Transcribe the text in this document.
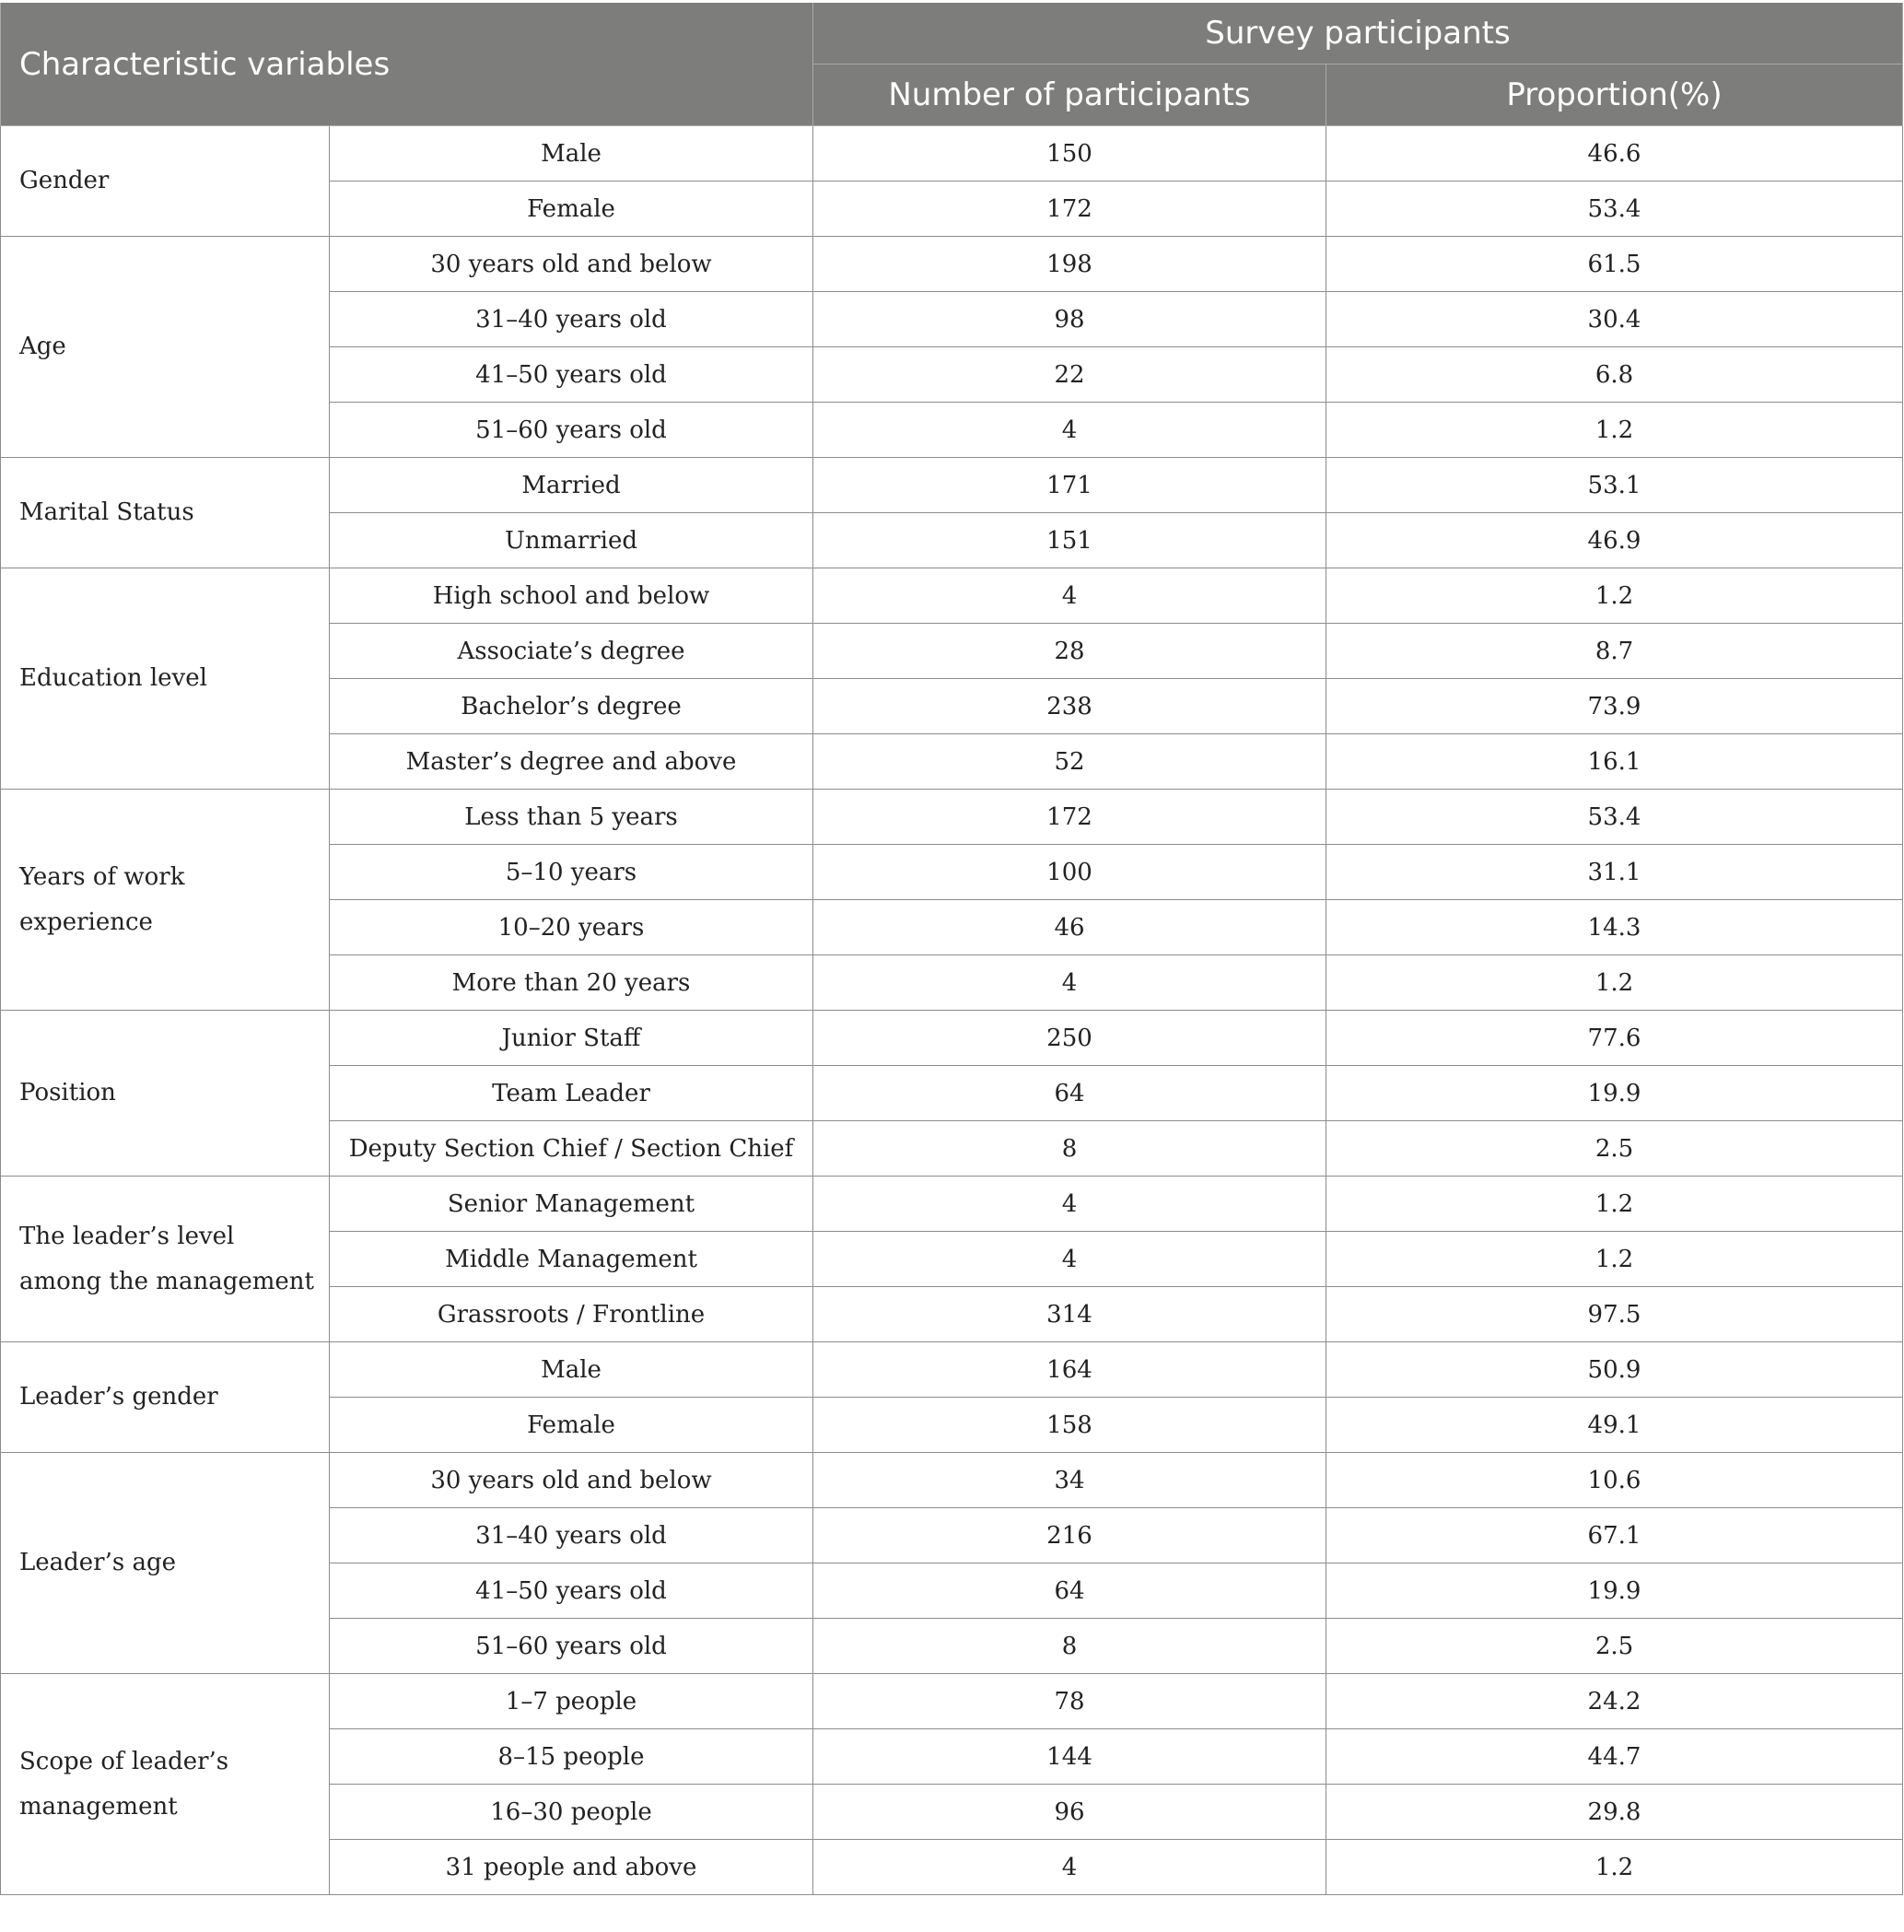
Characteristic variables		Survey participants	
		Number of participants	Proportion(%)
Gender	Male	150	46.6
	Female	172	53.4
Age	30 years old and below	198	61.5
	31–40 years old	98	30.4
	41–50 years old	22	6.8
	51–60 years old	4	1.2
Marital Status	Married	171	53.1
	Unmarried	151	46.9
Education level	High school and below	4	1.2
	Associate’s degree	28	8.7
	Bachelor’s degree	238	73.9
	Master’s degree and above	52	16.1
Years of work experience	Less than 5 years	172	53.4
	5–10 years	100	31.1
	10–20 years	46	14.3
	More than 20 years	4	1.2
Position	Junior Staff	250	77.6
	Team Leader	64	19.9
	Deputy Section Chief / Section Chief	8	2.5
The leader’s level among the management	Senior Management	4	1.2
	Middle Management	4	1.2
	Grassroots / Frontline	314	97.5
Leader’s gender	Male	164	50.9
	Female	158	49.1
Leader’s age	30 years old and below	34	10.6
	31–40 years old	216	67.1
	41–50 years old	64	19.9
	51–60 years old	8	2.5
Scope of leader’s management	1–7 people	78	24.2
	8–15 people	144	44.7
	16–30 people	96	29.8
	31 people and above	4	1.2
